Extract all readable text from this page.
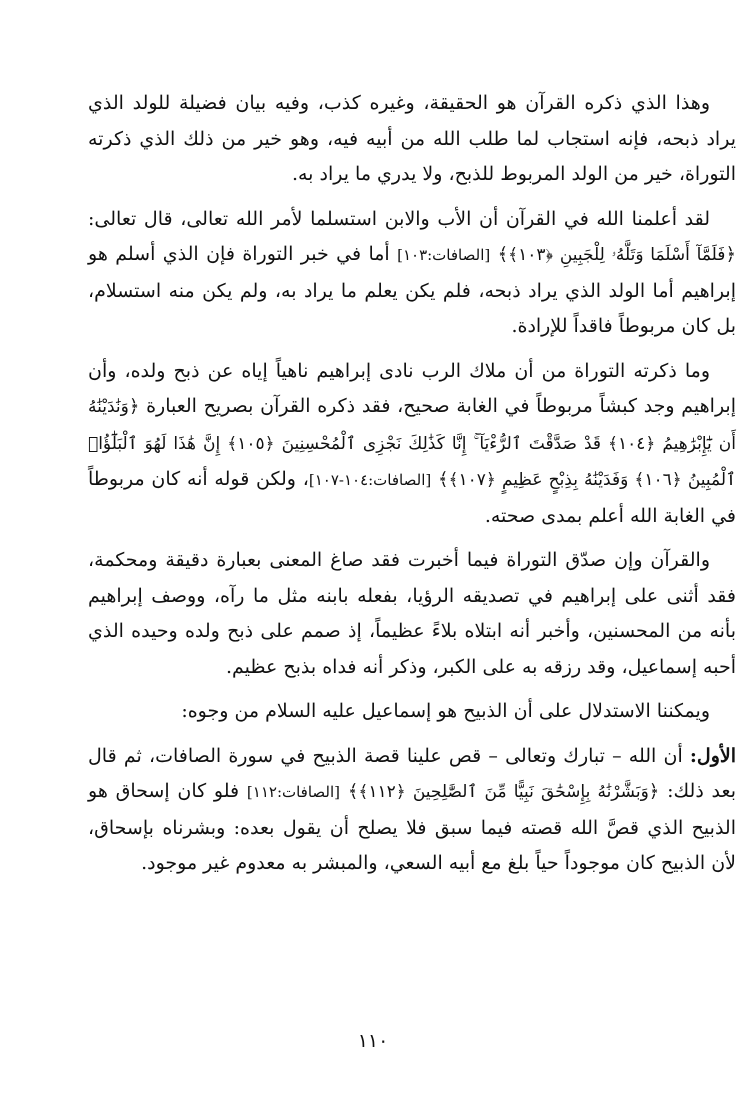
وهذا الذي ذكره القرآن هو الحقيقة، وغيره كذب، وفيه بيان فضيلة للولد الذي يراد ذبحه، فإنه استجاب لما طلب الله من أبيه فيه، وهو خير من ذلك الذي ذكرته التوراة، خير من الولد المربوط للذبح، ولا يدري ما يراد به.

لقد أعلمنا الله في القرآن أن الأب والابن استسلما لأمر الله تعالى، قال تعالى: ﴿فَلَمَّآ أَسْلَمَا وَتَلَّهُۥ لِلْجَبِينِ ﴿١٠٣﴾﴾ [الصافات:١٠٣] أما في خبر التوراة فإن الذي أسلم هو إبراهيم أما الولد الذي يراد ذبحه، فلم يكن يعلم ما يراد به، ولم يكن منه استسلام، بل كان مربوطاً فاقداً للإرادة.

وما ذكرته التوراة من أن ملاك الرب نادى إبراهيم ناهياً إياه عن ذبح ولده، وأن إبراهيم وجد كبشاً مربوطاً في الغابة صحيح، فقد ذكره القرآن بصريح العبارة ﴿وَنَٰدَيْنَٰهُ أَن يَٰٓإِبْرَٰهِيمُ ﴿١٠٤﴾ قَدْ صَدَّقْتَ ٱلرُّءْيَآ ۚ إِنَّا كَذَٰلِكَ نَجْزِى ٱلْمُحْسِنِينَ ﴿١٠٥﴾ إِنَّ هَٰذَا لَهُوَ ٱلْبَلَٰٓؤُا۟ ٱلْمُبِينُ ﴿١٠٦﴾ وَفَدَيْنَٰهُ بِذِبْحٍ عَظِيمٍ ﴿١٠٧﴾﴾ [الصافات:١٠٤-١٠٧]، ولكن قوله أنه كان مربوطاً في الغابة الله أعلم بمدى صحته.

والقرآن وإن صدّق التوراة فيما أخبرت فقد صاغ المعنى بعبارة دقيقة ومحكمة، فقد أثنى على إبراهيم في تصديقه الرؤيا، بفعله بابنه مثل ما رآه، ووصف إبراهيم بأنه من المحسنين، وأخبر أنه ابتلاه بلاءً عظيماً، إذ صمم على ذبح ولده وحيده الذي أحبه إسماعيل، وقد رزقه به على الكبر، وذكر أنه فداه بذبح عظيم.

ويمكننا الاستدلال على أن الذبيح هو إسماعيل عليه السلام من وجوه:

الأول: أن الله – تبارك وتعالى – قص علينا قصة الذبيح في سورة الصافات، ثم قال بعد ذلك: ﴿وَبَشَّرْنَٰهُ بِإِسْحَٰقَ نَبِيًّا مِّنَ ٱلصَّٰلِحِينَ ﴿١١٢﴾﴾ [الصافات:١١٢] فلو كان إسحاق هو الذبيح الذي قصَّ الله قصته فيما سبق فلا يصلح أن يقول بعده: وبشرناه بإسحاق، لأن الذبيح كان موجوداً حياً بلغ مع أبيه السعي، والمبشر به معدوم غير موجود.

١١٠
